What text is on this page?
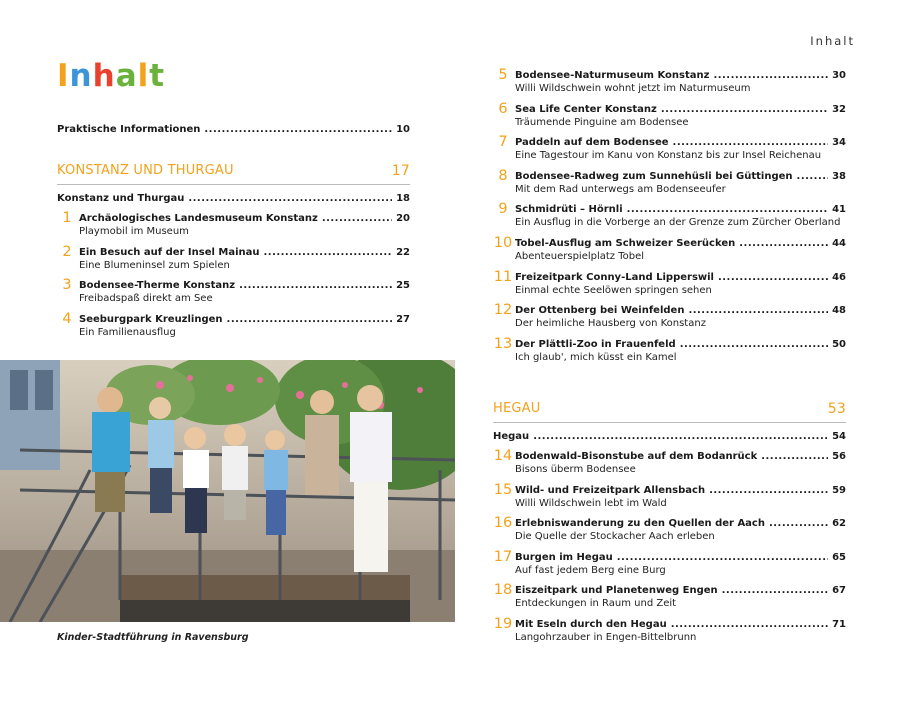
Inhalt
Praktische Informationen . . .	10
KONSTANZ UND THURGAU	17
Konstanz und Thurgau . . .	18
1 Archäologisches Landesmuseum Konstanz . . .	20
Playmobil im Museum
2 Ein Besuch auf der Insel Mainau . . .	22
Eine Blumeninsel zum Spielen
3 Bodensee-Therme Konstanz . . .	25
Freibadspaß direkt am See
4 Seeburgpark Kreuzlingen . . .	27
Ein Familienausflug
Kinder-Stadtführung in Ravensburg
Inhalt
5 Bodensee-Naturmuseum Konstanz . . .	30
Willi Wildschwein wohnt jetzt im Naturmuseum
6 Sea Life Center Konstanz . . .	32
Träumende Pinguine am Bodensee
7 Paddeln auf dem Bodensee . . .	34
Eine Tagestour im Kanu von Konstanz bis zur Insel Reichenau
8 Bodensee-Radweg zum Sunnehüsli bei Güttingen . . .	38
Mit dem Rad unterwegs am Bodenseeufer
9 Schmidrüti – Hörnli . . .	41
Ein Ausflug in die Vorberge an der Grenze zum Zürcher Oberland
10 Tobel-Ausflug am Schweizer Seerücken . . .	44
Abenteuerspielplatz Tobel
11 Freizeitpark Conny-Land Lipperswil . . .	46
Einmal echte Seelöwen springen sehen
12 Der Ottenberg bei Weinfelden . . .	48
Der heimliche Hausberg von Konstanz
13 Der Plättli-Zoo in Frauenfeld . . .	50
Ich glaub', mich küsst ein Kamel
HEGAU	53
Hegau . . .	54
14 Bodenwald-Bisonstube auf dem Bodanrück . . .	56
Bisons überm Bodensee
15 Wild- und Freizeitpark Allensbach . . .	59
Willi Wildschwein lebt im Wald
16 Erlebniswanderung zu den Quellen der Aach . . .	62
Die Quelle der Stockacher Aach erleben
17 Burgen im Hegau . . .	65
Auf fast jedem Berg eine Burg
18 Eiszeitpark und Planetenweg Engen . . .	67
Entdeckungen in Raum und Zeit
19 Mit Eseln durch den Hegau . . .	71
Langohrzauber in Engen-Bittelbrunn
